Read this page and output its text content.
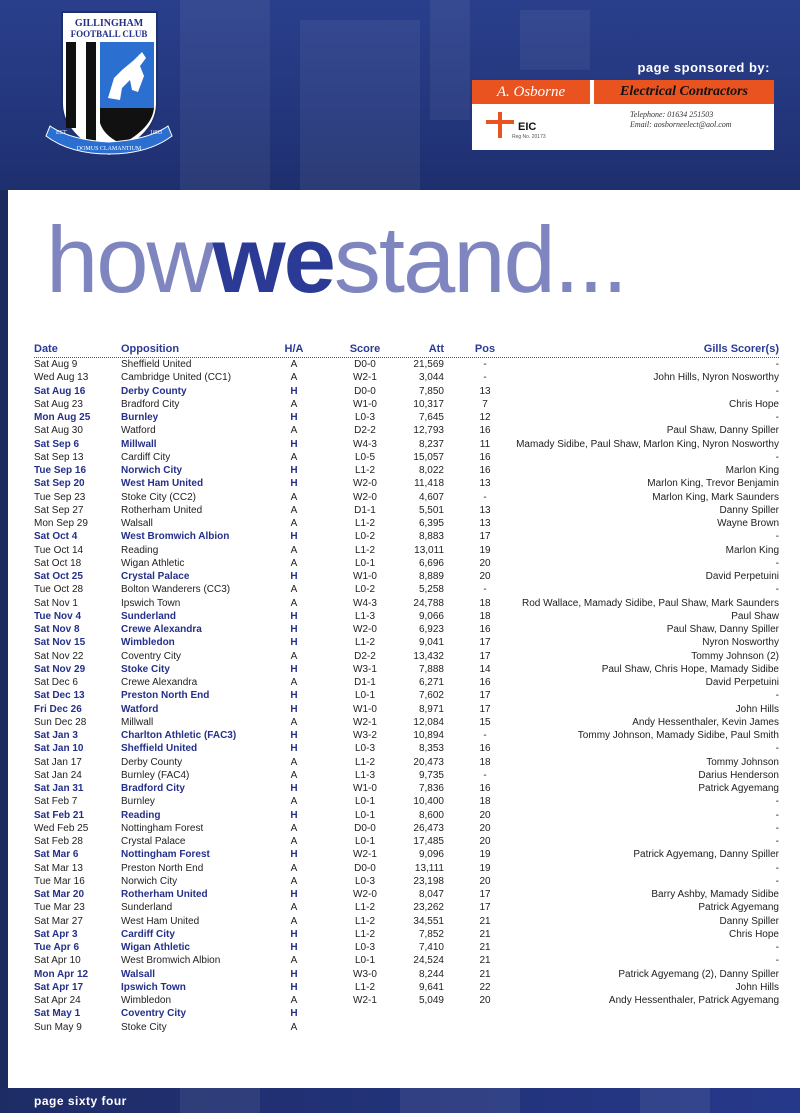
GILLINGHAM
FOOTBALL CLUB
DOMUS CLAMANTIUM
EST	1893
page sponsored by:
A. Osborne	Electrical Contractors
EIC
Reg No. 20173
Telephone: 01634 251503
Email: aosborneelect@aol.com
howwestand...
Date	Opposition	H/A	Score	Att	Pos	Gills Scorer(s)
Sat Aug 9	Sheffield United	A	D0-0	21,569	-	-
Wed Aug 13	Cambridge United (CC1)	A	W2-1	3,044	-	John Hills, Nyron Nosworthy
Sat Aug 16	Derby County	H	D0-0	7,850	13	-
Sat Aug 23	Bradford City	A	W1-0	10,317	7	Chris Hope
Mon Aug 25	Burnley	H	L0-3	7,645	12	-
Sat Aug 30	Watford	A	D2-2	12,793	16	Paul Shaw, Danny Spiller
Sat Sep 6	Millwall	H	W4-3	8,237	11	Mamady Sidibe, Paul Shaw, Marlon King, Nyron Nosworthy
Sat Sep 13	Cardiff City	A	L0-5	15,057	16	-
Tue Sep 16	Norwich City	H	L1-2	8,022	16	Marlon King
Sat Sep 20	West Ham United	H	W2-0	11,418	13	Marlon King, Trevor Benjamin
Tue Sep 23	Stoke City (CC2)	A	W2-0	4,607	-	Marlon King, Mark Saunders
Sat Sep 27	Rotherham United	A	D1-1	5,501	13	Danny Spiller
Mon Sep 29	Walsall	A	L1-2	6,395	13	Wayne Brown
Sat Oct 4	West Bromwich Albion	H	L0-2	8,883	17	-
Tue Oct 14	Reading	A	L1-2	13,011	19	Marlon King
Sat Oct 18	Wigan Athletic	A	L0-1	6,696	20	-
Sat Oct 25	Crystal Palace	H	W1-0	8,889	20	David Perpetuini
Tue Oct 28	Bolton Wanderers (CC3)	A	L0-2	5,258	-	-
Sat Nov 1	Ipswich Town	A	W4-3	24,788	18	Rod Wallace, Mamady Sidibe, Paul Shaw, Mark Saunders
Tue Nov 4	Sunderland	H	L1-3	9,066	18	Paul Shaw
Sat Nov 8	Crewe Alexandra	H	W2-0	6,923	16	Paul Shaw, Danny Spiller
Sat Nov 15	Wimbledon	H	L1-2	9,041	17	Nyron Nosworthy
Sat Nov 22	Coventry City	A	D2-2	13,432	17	Tommy Johnson (2)
Sat Nov 29	Stoke City	H	W3-1	7,888	14	Paul Shaw, Chris Hope, Mamady Sidibe
Sat Dec 6	Crewe Alexandra	A	D1-1	6,271	16	David Perpetuini
Sat Dec 13	Preston North End	H	L0-1	7,602	17	-
Fri Dec 26	Watford	H	W1-0	8,971	17	John Hills
Sun Dec 28	Millwall	A	W2-1	12,084	15	Andy Hessenthaler, Kevin James
Sat Jan 3	Charlton Athletic (FAC3)	H	W3-2	10,894	-	Tommy Johnson, Mamady Sidibe, Paul Smith
Sat Jan 10	Sheffield United	H	L0-3	8,353	16	-
Sat Jan 17	Derby County	A	L1-2	20,473	18	Tommy Johnson
Sat Jan 24	Burnley (FAC4)	A	L1-3	9,735	-	Darius Henderson
Sat Jan 31	Bradford City	H	W1-0	7,836	16	Patrick Agyemang
Sat Feb 7	Burnley	A	L0-1	10,400	18	-
Sat Feb 21	Reading	H	L0-1	8,600	20	-
Wed Feb 25	Nottingham Forest	A	D0-0	26,473	20	-
Sat Feb 28	Crystal Palace	A	L0-1	17,485	20	-
Sat Mar 6	Nottingham Forest	H	W2-1	9,096	19	Patrick Agyemang, Danny Spiller
Sat Mar 13	Preston North End	A	D0-0	13,111	19	-
Tue Mar 16	Norwich City	A	L0-3	23,198	20	-
Sat Mar 20	Rotherham United	H	W2-0	8,047	17	Barry Ashby, Mamady Sidibe
Tue Mar 23	Sunderland	A	L1-2	23,262	17	Patrick Agyemang
Sat Mar 27	West Ham United	A	L1-2	34,551	21	Danny Spiller
Sat Apr 3	Cardiff City	H	L1-2	7,852	21	Chris Hope
Tue Apr 6	Wigan Athletic	H	L0-3	7,410	21	-
Sat Apr 10	West Bromwich Albion	A	L0-1	24,524	21	-
Mon Apr 12	Walsall	H	W3-0	8,244	21	Patrick Agyemang (2), Danny Spiller
Sat Apr 17	Ipswich Town	H	L1-2	9,641	22	John Hills
Sat Apr 24	Wimbledon	A	W2-1	5,049	20	Andy Hessenthaler, Patrick Agyemang
Sat May 1	Coventry City	H
Sun May 9	Stoke City	A
page sixty four
